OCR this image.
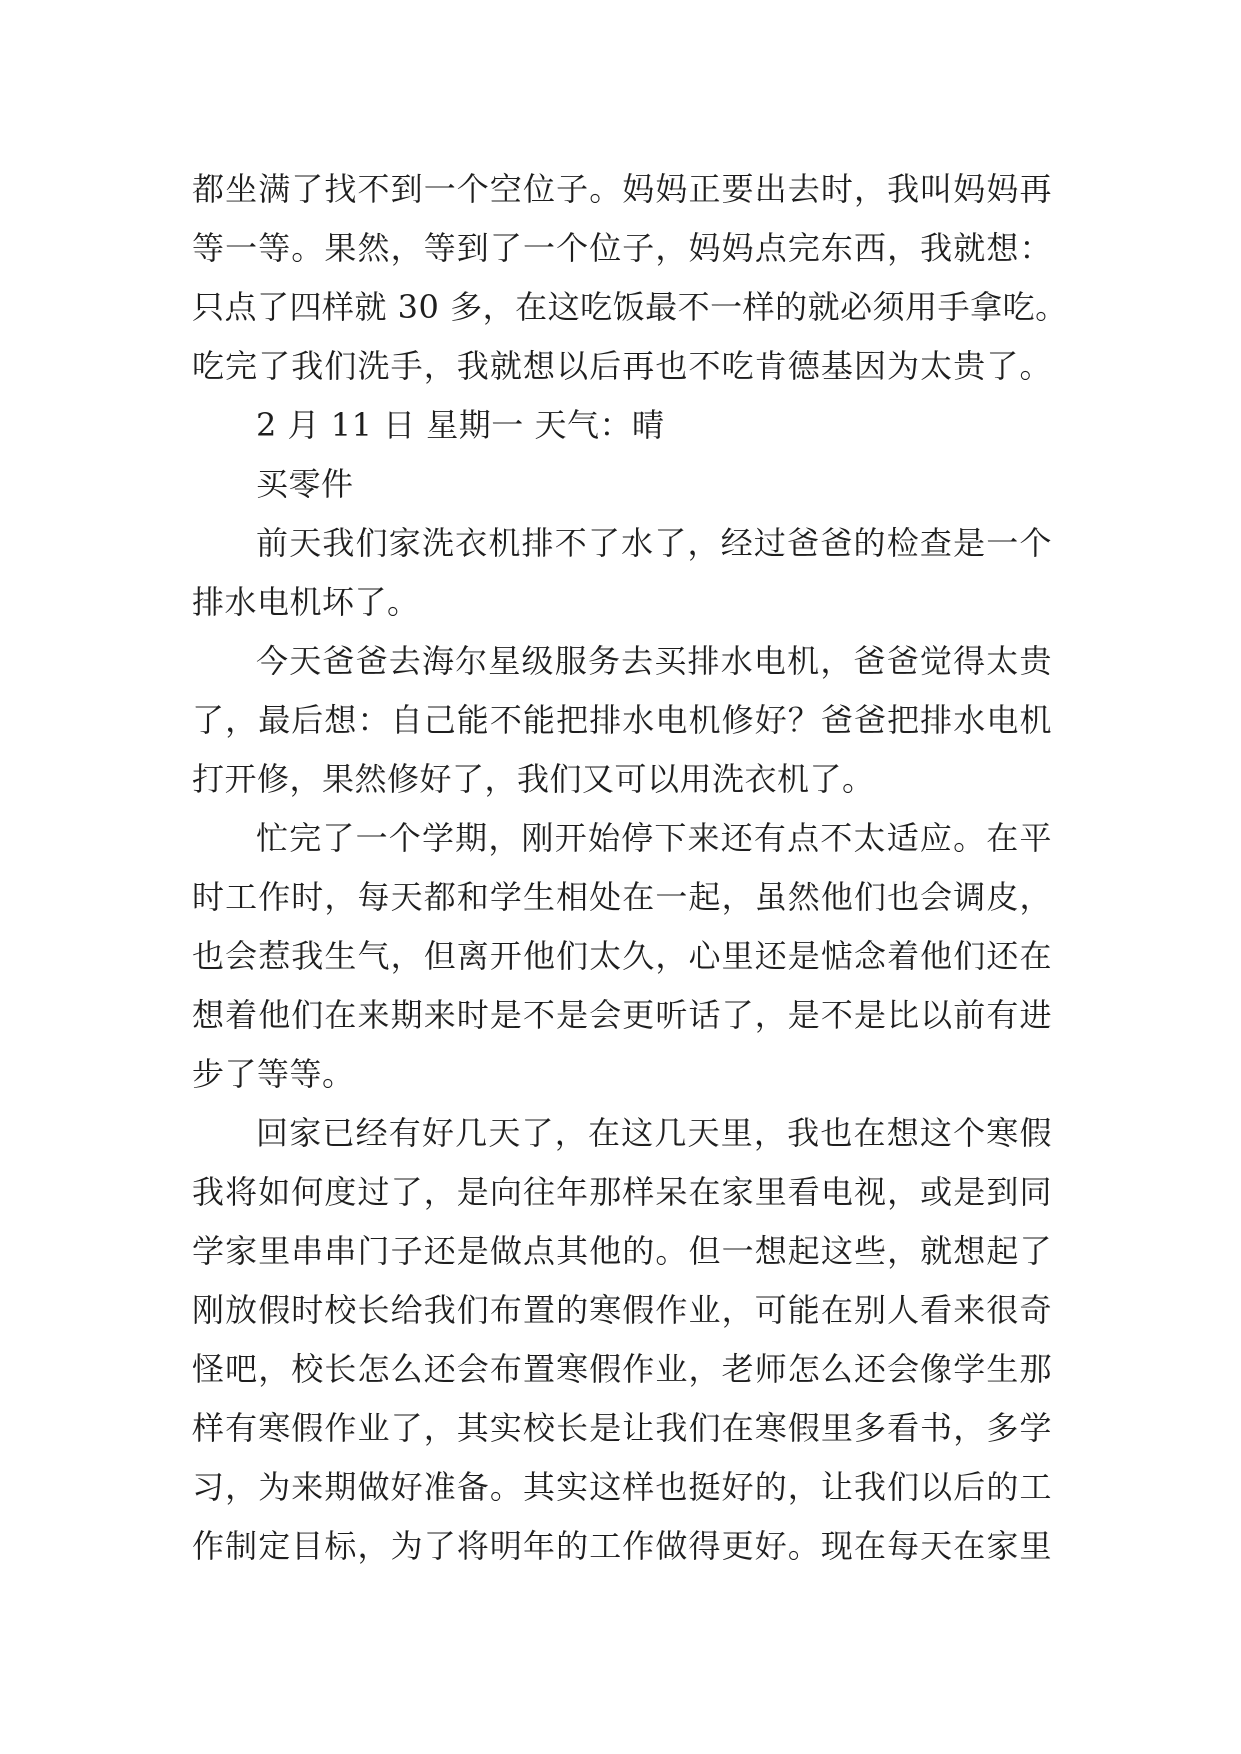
都坐满了找不到一个空位子。妈妈正要出去时，我叫妈妈再
等一等。果然，等到了一个位子，妈妈点完东西，我就想：
只点了四样就 30 多，在这吃饭最不一样的就必须用手拿吃。
吃完了我们洗手，我就想以后再也不吃肯德基因为太贵了。
2 月 11 日 星期一 天气：晴
买零件
前天我们家洗衣机排不了水了，经过爸爸的检查是一个
排水电机坏了。
今天爸爸去海尔星级服务去买排水电机，爸爸觉得太贵
了，最后想：自己能不能把排水电机修好？爸爸把排水电机
打开修，果然修好了，我们又可以用洗衣机了。
忙完了一个学期，刚开始停下来还有点不太适应。在平
时工作时，每天都和学生相处在一起，虽然他们也会调皮，
也会惹我生气，但离开他们太久，心里还是惦念着他们还在
想着他们在来期来时是不是会更听话了，是不是比以前有进
步了等等。
回家已经有好几天了，在这几天里，我也在想这个寒假
我将如何度过了，是向往年那样呆在家里看电视，或是到同
学家里串串门子还是做点其他的。但一想起这些，就想起了
刚放假时校长给我们布置的寒假作业，可能在别人看来很奇
怪吧，校长怎么还会布置寒假作业，老师怎么还会像学生那
样有寒假作业了，其实校长是让我们在寒假里多看书，多学
习，为来期做好准备。其实这样也挺好的，让我们以后的工
作制定目标，为了将明年的工作做得更好。现在每天在家里
